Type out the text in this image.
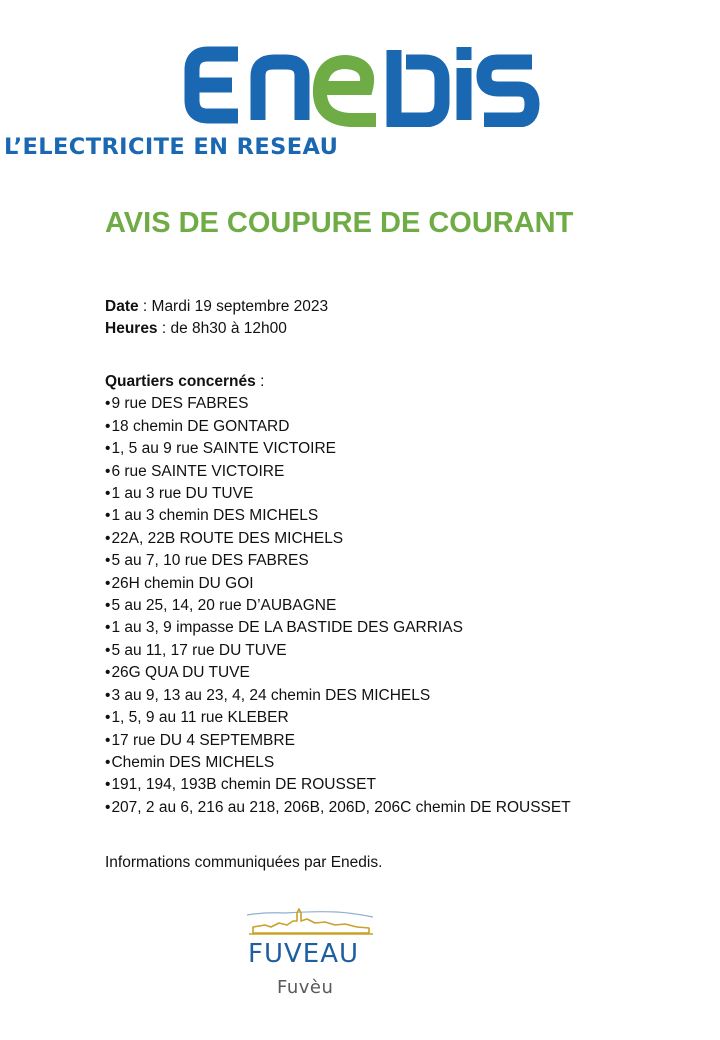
L’ELECTRICITE EN RESEAU
AVIS DE COUPURE DE COURANT
Date : Mardi 19 septembre 2023
Heures : de 8h30 à 12h00
Quartiers concernés :
• 9 rue DES FABRES
• 18 chemin DE GONTARD
• 1, 5 au 9 rue SAINTE VICTOIRE
• 6 rue SAINTE VICTOIRE
• 1 au 3 rue DU TUVE
• 1 au 3 chemin DES MICHELS
• 22A, 22B ROUTE DES MICHELS
• 5 au 7, 10 rue DES FABRES
• 26H chemin DU GOI
• 5 au 25, 14, 20 rue D’AUBAGNE
• 1 au 3, 9 impasse DE LA BASTIDE DES GARRIAS
• 5 au 11, 17 rue DU TUVE
• 26G QUA DU TUVE
• 3 au 9, 13 au 23, 4, 24 chemin DES MICHELS
• 1, 5, 9 au 11 rue KLEBER
• 17 rue DU 4 SEPTEMBRE
• Chemin DES MICHELS
• 191, 194, 193B chemin DE ROUSSET
• 207, 2 au 6, 216 au 218, 206B, 206D, 206C chemin DE ROUSSET
Informations communiquées par Enedis.
FUVEAU
Fuvèu
